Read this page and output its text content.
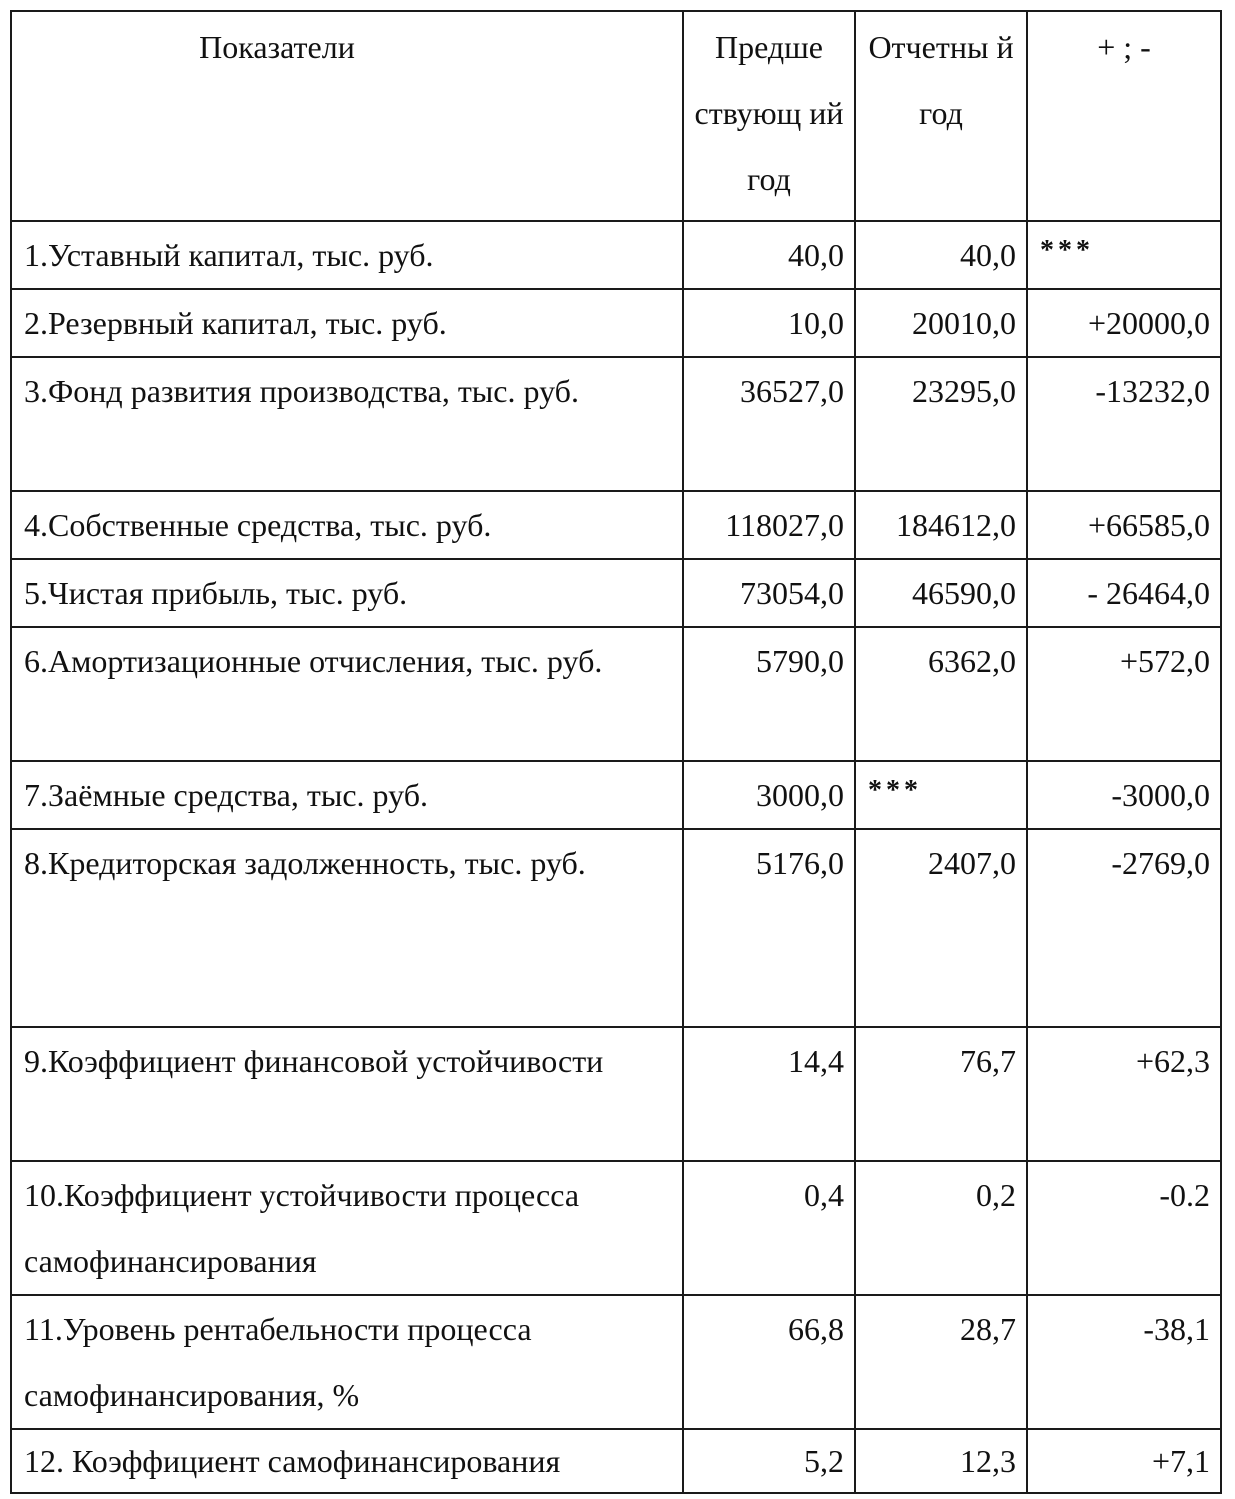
Показатели	Предше ствующ ий год	Отчетны й год	+ ; -
1.Уставный капитал, тыс. руб.	40,0	40,0	***
2.Резервный капитал, тыс. руб.	10,0	20010,0	+20000,0
3.Фонд развития производства, тыс. руб.	36527,0	23295,0	-13232,0
4.Собственные средства, тыс. руб.	118027,0	184612,0	+66585,0
5.Чистая прибыль, тыс. руб.	73054,0	46590,0	- 26464,0
6.Амортизационные отчисления, тыс. руб.	5790,0	6362,0	+572,0
7.Заёмные средства, тыс. руб.	3000,0	***	-3000,0
8.Кредиторская задолженность, тыс. руб.	5176,0	2407,0	-2769,0
9.Коэффициент финансовой устойчивости	14,4	76,7	+62,3
10.Коэффициент устойчивости процесса самофинансирования	0,4	0,2	-0.2
11.Уровень рентабельности процесса самофинансирования, %	66,8	28,7	-38,1
12. Коэффициент самофинансирования	5,2	12,3	+7,1
